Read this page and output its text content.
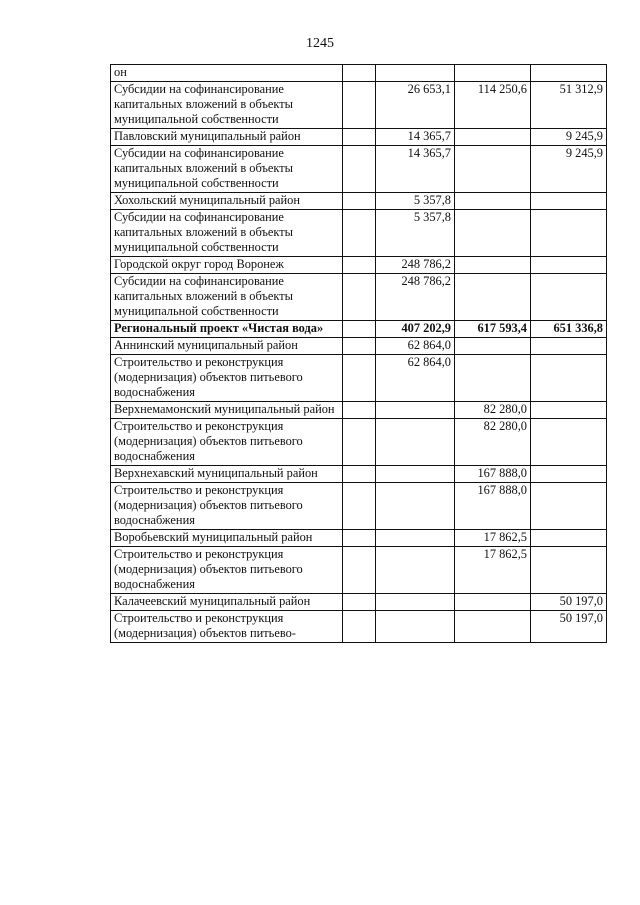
1245
он				
Субсидии на софинансирование капитальных вложений в объекты муниципальной собственности		26 653,1	114 250,6	51 312,9
Павловский муниципальный район		14 365,7		9 245,9
Субсидии на софинансирование капитальных вложений в объекты муниципальной собственности		14 365,7		9 245,9
Хохольский муниципальный район		5 357,8		
Субсидии на софинансирование капитальных вложений в объекты муниципальной собственности		5 357,8		
Городской округ город Воронеж		248 786,2		
Субсидии на софинансирование капитальных вложений в объекты муниципальной собственности		248 786,2		
Региональный проект «Чистая вода»		407 202,9	617 593,4	651 336,8
Аннинский муниципальный район		62 864,0		
Строительство и реконструкция (модернизация) объектов питьевого водоснабжения		62 864,0		
Верхнемамонский муниципальный район			82 280,0	
Строительство и реконструкция (модернизация) объектов питьевого водоснабжения			82 280,0	
Верхнехавский муниципальный район			167 888,0	
Строительство и реконструкция (модернизация) объектов питьевого водоснабжения			167 888,0	
Воробьевский муниципальный район			17 862,5	
Строительство и реконструкция (модернизация) объектов питьевого водоснабжения			17 862,5	
Калачеевский муниципальный район				50 197,0
Строительство и реконструкция (модернизация) объектов питьево-				50 197,0
